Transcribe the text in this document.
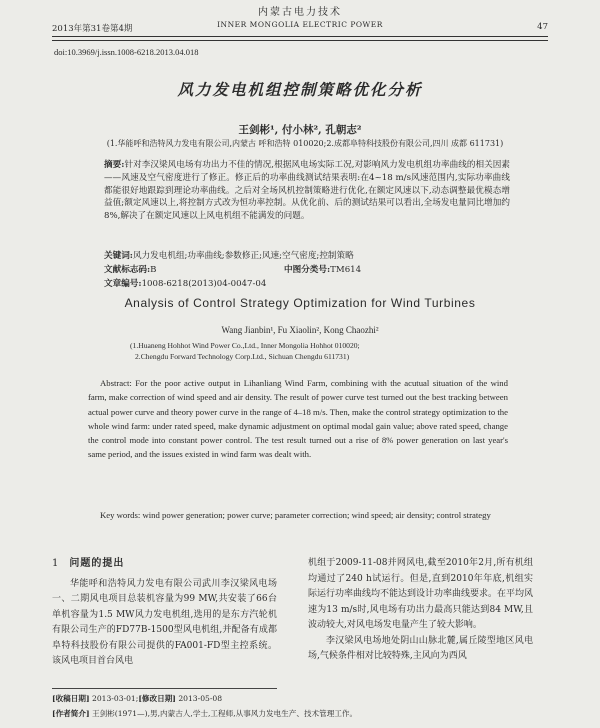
2013年第31卷第4期
内蒙古电力技术
INNER MONGOLIA ELECTRIC POWER	47
doi:10.3969/j.issn.1008-6218.2013.04.018
风力发电机组控制策略优化分析
王剑彬¹, 付小林², 孔朝志²
(1.华能呼和浩特风力发电有限公司,内蒙古 呼和浩特 010020;2.成都阜特科技股份有限公司,四川 成都 611731)
摘要:针对李汉梁风电场有功出力不佳的情况,根据风电场实际工况,对影响风力发电机组功率曲线的相关因素——风速及空气密度进行了修正。修正后的功率曲线测试结果表明:在4~18 m/s风速范围内,实际功率曲线都能很好地跟踪到理论功率曲线。之后对全场风机控制策略进行优化,在额定风速以下,动态调整最优模态增益值;额定风速以上,将控制方式改为恒功率控制。从优化前、后的测试结果可以看出,全场发电量同比增加约8%,解决了在额定风速以上风电机组不能满发的问题。
关键词:风力发电机组;功率曲线;参数修正;风速;空气密度;控制策略
文献标志码:B	中图分类号:TM614
文章编号:1008-6218(2013)04-0047-04
Analysis of Control Strategy Optimization for Wind Turbines
Wang Jianbin¹, Fu Xiaolin², Kong Chaozhi²
(1.Huaneng Hohhot Wind Power Co.,Ltd., Inner Mongolia Hohhot 010020;
2.Chengdu Forward Technology Corp.Ltd., Sichuan Chengdu 611731)
Abstract: For the poor active output in Lihanliang Wind Farm, combining with the acutual situation of the wind farm, make correction of wind speed and air density. The result of power curve test turned out the best tracking between actual power curve and theory power curve in the range of 4–18 m/s. Then, make the control strategy optimization to the whole wind farm: under rated speed, make dynamic adjustment on optimal modal gain value; above rated speed, change the control mode into constant power control. The test result turned out a rise of 8% power generation on last year's same period, and the issues existed in wind farm was dealt with.
Key words: wind power generation; power curve; parameter correction; wind speed; air density; control strategy
1 问题的提出
华能呼和浩特风力发电有限公司武川李汉梁风电场一、二期风电项目总装机容量为99 MW,共安装了66台单机容量为1.5 MW风力发电机组,选用的是东方汽轮机有限公司生产的FD77B-1500型风电机组,并配备有成都阜特科技股份有限公司提供的FA001-FD型主控系统。该风电项目首台风电
机组于2009-11-08并网风电,截至2010年2月,所有机组均通过了240 h试运行。但是,直到2010年年底,机组实际运行功率曲线均不能达到设计功率曲线要求。在平均风速为13 m/s时,风电场有功出力最高只能达到84 MW,且波动较大,对风电场发电量产生了较大影响。
李汉梁风电场地处阴山山脉北麓,属丘陵型地区风电场,气候条件相对比较特殊,主风向为西风
[收稿日期] 2013-03-01;[修改日期] 2013-05-08
[作者简介] 王剑彬(1971—),男,内蒙古人,学士,工程师,从事风力发电生产、技术管理工作。
